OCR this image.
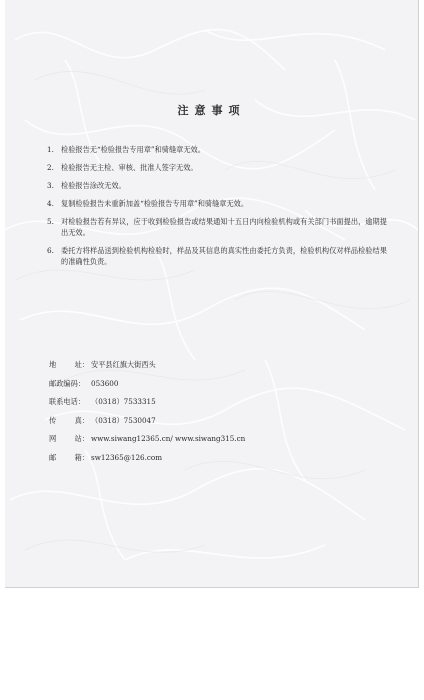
注意事项
1. 检验报告无“检验报告专用章”和骑缝章无效。
2. 检验报告无主检、审核、批准人签字无效。
3. 检验报告涂改无效。
4. 复制检验报告未重新加盖“检验报告专用章”和骑缝章无效。
5. 对检验报告若有异议，应于收到检验报告或结果通知十五日内向检验机构或有关部门书面提出，逾期提出无效。
6. 委托方将样品送到检验机构检验时，样品及其信息的真实性由委托方负责，检验机构仅对样品检验结果的准确性负责。
地	址： 安平县红旗大街西头
邮政编码： 053600
联系电话： （0318）7533315
传	真： （0318）7530047
网	站： www.siwang12365.cn/ www.siwang315.cn
邮	箱： sw12365@126.com
